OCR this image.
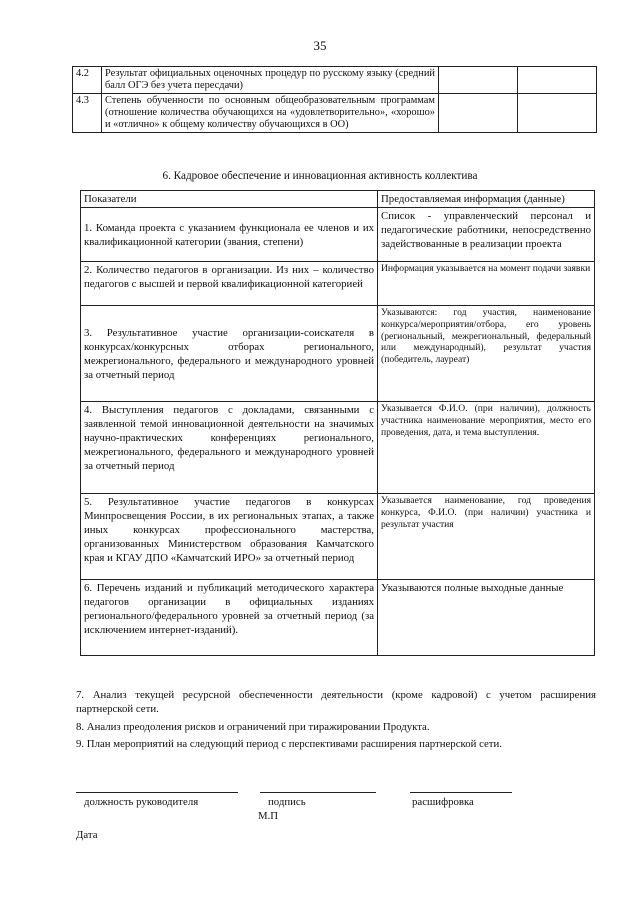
35
4.2	Результат официальных оценочных процедур по русскому языку (средний балл ОГЭ без учета пересдачи)		
4.3	Степень обученности по основным общеобразовательным программам (отношение количества обучающихся на «удовлетворительно», «хорошо» и «отлично» к общему количеству обучающихся в ОО)		
6. Кадровое обеспечение и инновационная активность коллектива
Показатели	Предоставляемая информация (данные)
1. Команда проекта с указанием функционала ее членов и их квалификационной категории (звания, степени)	Список - управленческий персонал и педагогические работники, непосредственно задействованные в реализации проекта
2. Количество педагогов в организации. Из них – количество педагогов с высшей и первой квалификационной категорией	Информация указывается на момент подачи заявки
3. Результативное участие организации-соискателя в конкурсах/конкурсных отборах регионального, межрегионального, федерального и международного уровней за отчетный период	Указываются: год участия, наименование конкурса/мероприятия/отбора, его уровень (региональный, межрегиональный, федеральный или международный), результат участия (победитель, лауреат)
4. Выступления педагогов с докладами, связанными с заявленной темой инновационной деятельности на значимых научно-практических конференциях регионального, межрегионального, федерального и международного уровней за отчетный период	Указывается Ф.И.О. (при наличии), должность участника наименование мероприятия, место его проведения, дата, и тема выступления.
5. Результативное участие педагогов в конкурсах Минпросвещения России, в их региональных этапах, а также иных конкурсах профессионального мастерства, организованных Министерством образования Камчатского края и КГАУ ДПО «Камчатский ИРО» за отчетный период	Указывается наименование, год проведения конкурса, Ф.И.О. (при наличии) участника и результат участия
6. Перечень изданий и публикаций методического характера педагогов организации в официальных изданиях регионального/федерального уровней за отчетный период (за исключением интернет-изданий).	Указываются полные выходные данные
7. Анализ текущей ресурсной обеспеченности деятельности (кроме кадровой) с учетом расширения партнерской сети.
8. Анализ преодоления рисков и ограничений при тиражировании Продукта.
9. План мероприятий на следующий период с перспективами расширения партнерской сети.
должность руководителя	подпись	расшифровка
М.П
Дата
